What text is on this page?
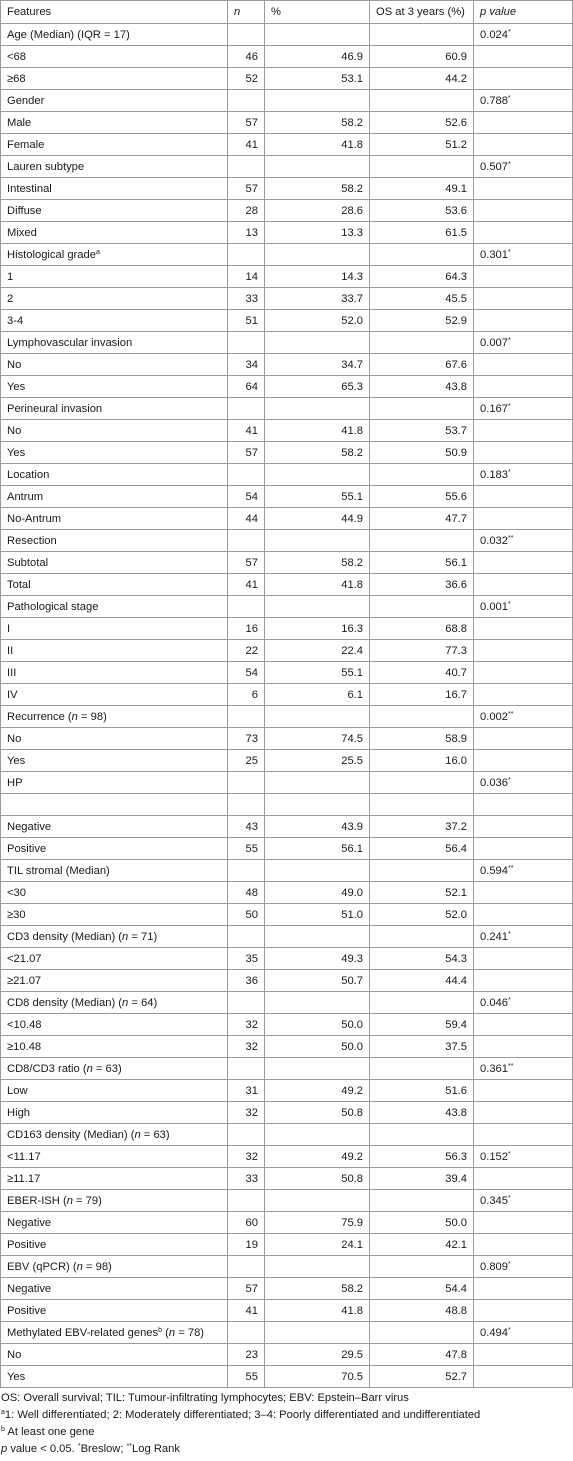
Features	n	%	OS at 3 years (%)	p value
Age (Median) (IQR = 17)				0.024*
<68	46	46.9	60.9	
≥68	52	53.1	44.2	
Gender				0.788*
Male	57	58.2	52.6	
Female	41	41.8	51.2	
Lauren subtype				0.507*
Intestinal	57	58.2	49.1	
Diffuse	28	28.6	53.6	
Mixed	13	13.3	61.5	
Histological grade$^a$				0.301*
1	14	14.3	64.3	
2	33	33.7	45.5	
3-4	51	52.0	52.9	
Lymphovascular invasion				0.007*
No	34	34.7	67.6	
Yes	64	65.3	43.8	
Perineural invasion				0.167*
No	41	41.8	53.7	
Yes	57	58.2	50.9	
Location				0.183*
Antrum	54	55.1	55.6	
No-Antrum	44	44.9	47.7	
Resection				0.032**
Subtotal	57	58.2	56.1	
Total	41	41.8	36.6	
Pathological stage				0.001*
I	16	16.3	68.8	
II	22	22.4	77.3	
III	54	55.1	40.7	
IV	6	6.1	16.7	
Recurrence (n = 98)				0.002**
No	73	74.5	58.9	
Yes	25	25.5	16.0	
HP				0.036*

Negative	43	43.9	37.2	
Positive	55	56.1	56.4	
TIL stromal (Median)				0.594**
<30	48	49.0	52.1	
≥30	50	51.0	52.0	
CD3 density (Median) (n = 71)				0.241*
<21.07	35	49.3	54.3	
≥21.07	36	50.7	44.4	
CD8 density (Median) (n = 64)				0.046*
<10.48	32	50.0	59.4	
≥10.48	32	50.0	37.5	
CD8/CD3 ratio (n = 63)				0.361**
Low	31	49.2	51.6	
High	32	50.8	43.8	
CD163 density (Median) (n = 63)				
<11.17	32	49.2	56.3	0.152*
≥11.17	33	50.8	39.4	
EBER-ISH (n = 79)				0.345*
Negative	60	75.9	50.0	
Positive	19	24.1	42.1	
EBV (qPCR) (n = 98)				0.809*
Negative	57	58.2	54.4	
Positive	41	41.8	48.8	
Methylated EBV-related genes$^b$ (n = 78)				0.494*
No	23	29.5	47.8	
Yes	55	70.5	52.7	
OS: Overall survival; TIL: Tumour-infiltrating lymphocytes; EBV: Epstein–Barr virus
$^a$1: Well differentiated; 2: Moderately differentiated; 3–4: Poorly differentiated and undifferentiated
$^b$ At least one gene
p value < 0.05. *Breslow; **Log Rank
